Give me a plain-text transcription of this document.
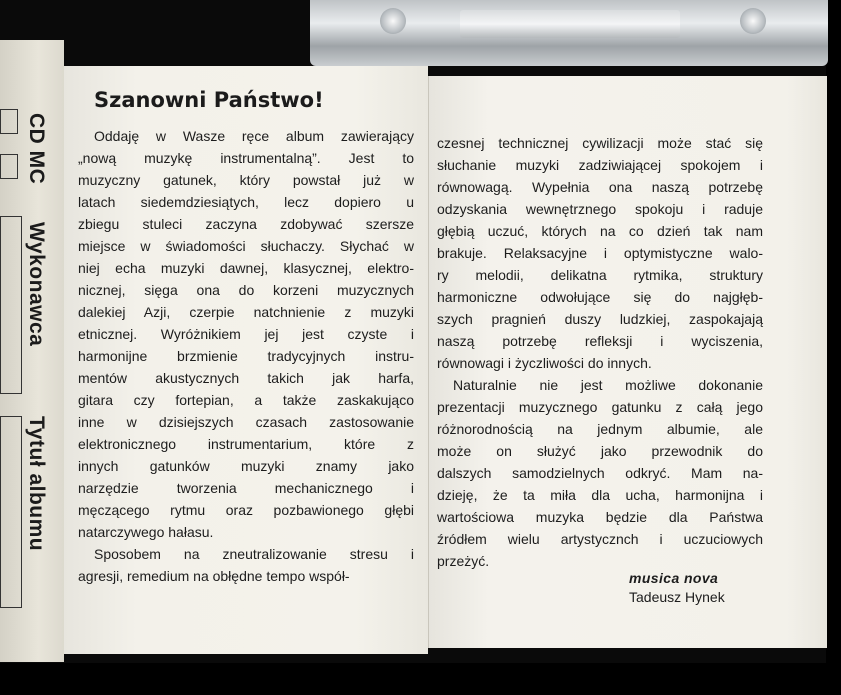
CD MC
Wykonawca
Tytuł albumu
Szanowni Państwo!
Oddaję w Wasze ręce album zawierający
„nową muzykę instrumentalną”. Jest to
muzyczny gatunek, który powstał już w
latach siedemdziesiątych, lecz dopiero u
zbiegu stuleci zaczyna zdobywać szersze
miejsce w świadomości słuchaczy. Słychać w
niej echa muzyki dawnej, klasycznej, elektro-
nicznej, sięga ona do korzeni muzycznych
dalekiej Azji, czerpie natchnienie z muzyki
etnicznej. Wyróżnikiem jej jest czyste i
harmonijne brzmienie tradycyjnych instru-
mentów akustycznych takich jak harfa,
gitara czy fortepian, a także zaskakująco
inne w dzisiejszych czasach zastosowanie
elektronicznego instrumentarium, które z
innych gatunków muzyki znamy jako
narzędzie tworzenia mechanicznego i
męczącego rytmu oraz pozbawionego głębi
natarczywego hałasu.
Sposobem na zneutralizowanie stresu i
agresji, remedium na obłędne tempo współ-
czesnej technicznej cywilizacji może stać się
słuchanie muzyki zadziwiającej spokojem i
równowagą. Wypełnia ona naszą potrzebę
odzyskania wewnętrznego spokoju i raduje
głębią uczuć, których na co dzień tak nam
brakuje. Relaksacyjne i optymistyczne walo-
ry melodii, delikatna rytmika, struktury
harmoniczne odwołujące się do najgłęb-
szych pragnień duszy ludzkiej, zaspokajają
naszą potrzebę refleksji i wyciszenia,
równowagi i życzliwości do innych.
Naturalnie nie jest możliwe dokonanie
prezentacji muzycznego gatunku z całą jego
różnorodnością na jednym albumie, ale
może on służyć jako przewodnik do
dalszych samodzielnych odkryć. Mam na-
dzieję, że ta miła dla ucha, harmonijna i
wartościowa muzyka będzie dla Państwa
źródłem wielu artystycznch i uczuciowych
przeżyć.
musica nova
Tadeusz Hynek
